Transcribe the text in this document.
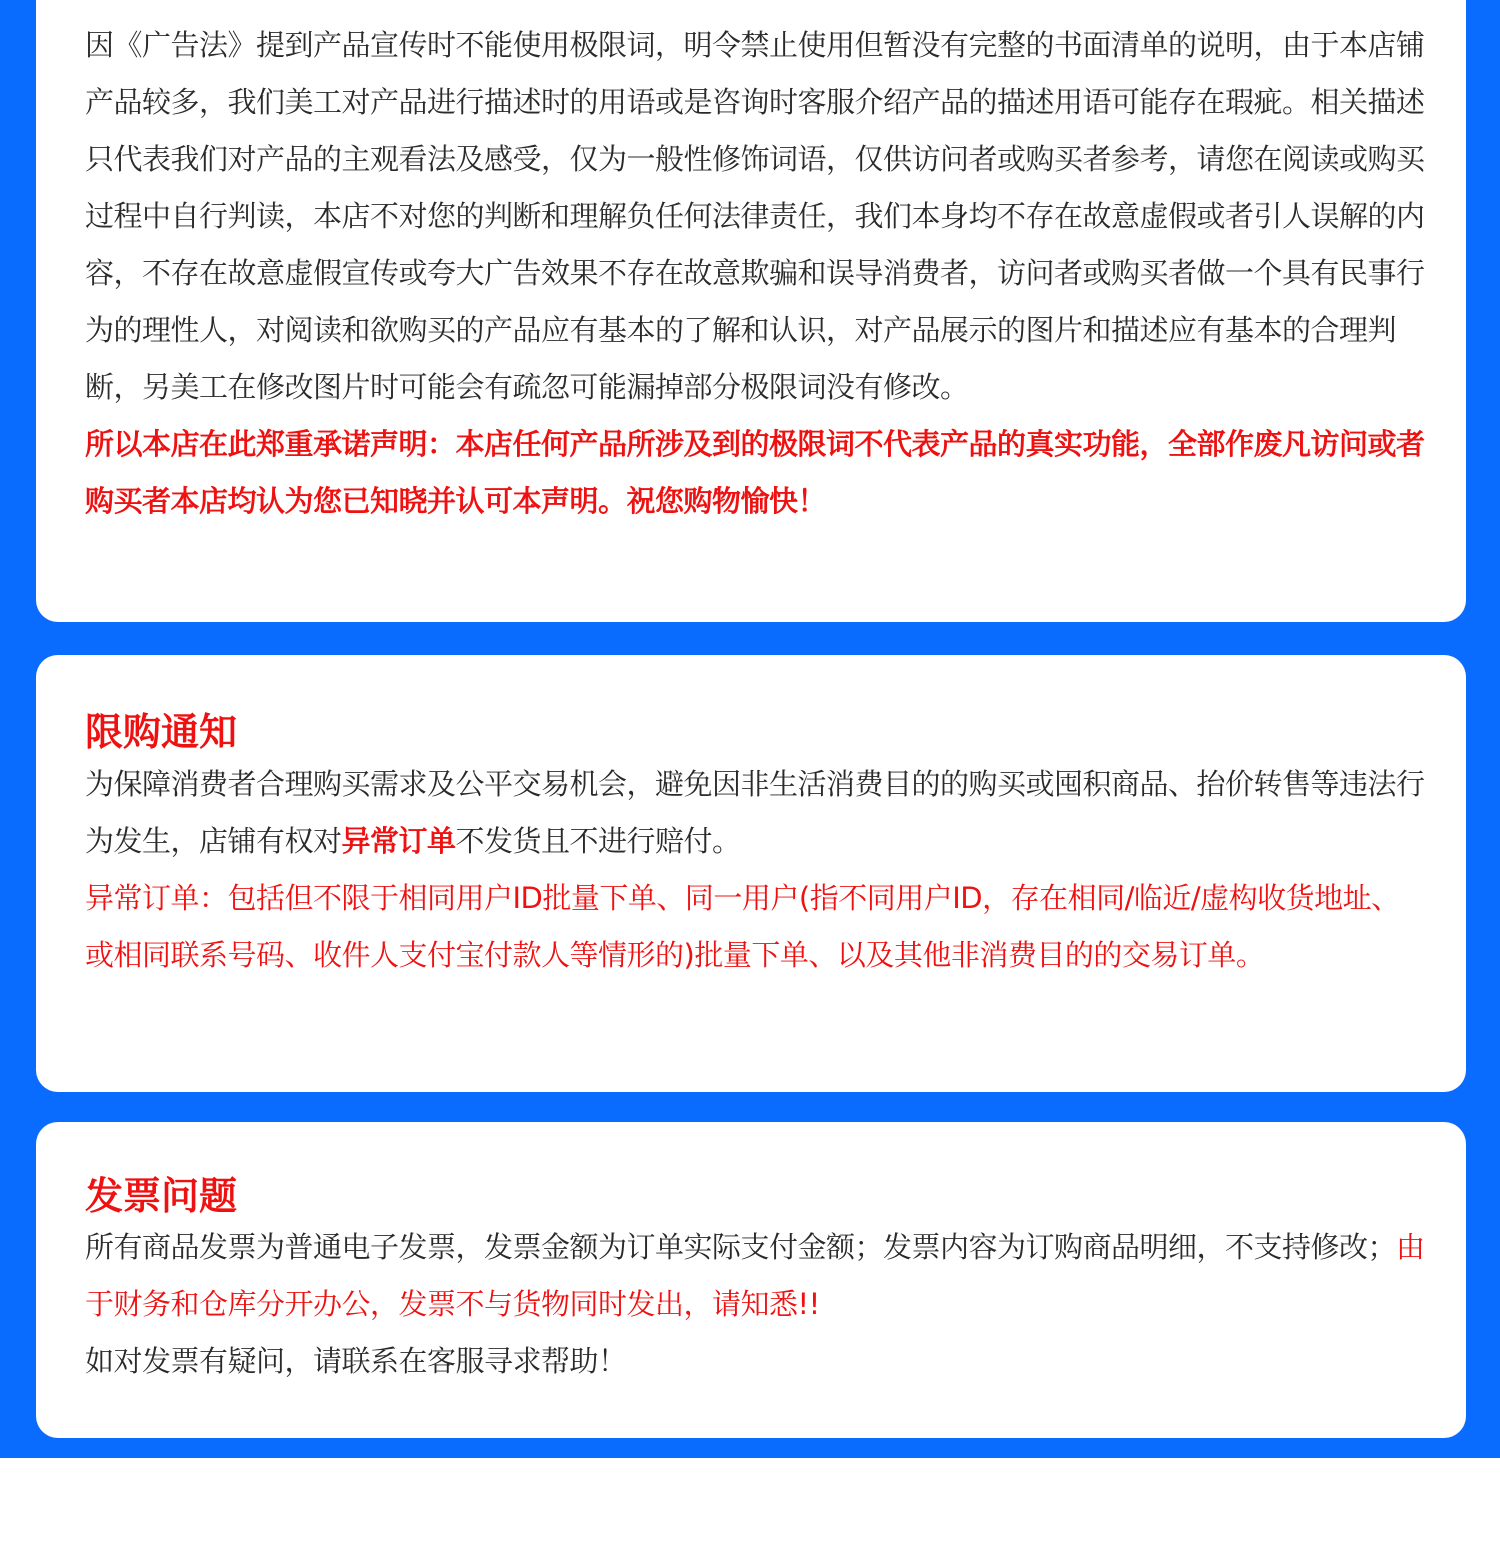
因《广告法》提到产品宣传时不能使用极限词，明令禁止使用但暂没有完整的书面清单的说明，由于本店铺产品较多，我们美工对产品进行描述时的用语或是咨询时客服介绍产品的描述用语可能存在瑕疵。相关描述只代表我们对产品的主观看法及感受，仅为一般性修饰词语，仅供访问者或购买者参考，请您在阅读或购买过程中自行判读，本店不对您的判断和理解负任何法律责任，我们本身均不存在故意虚假或者引人误解的内容，不存在故意虚假宣传或夸大广告效果不存在故意欺骗和误导消费者，访问者或购买者做一个具有民事行为的理性人，对阅读和欲购买的产品应有基本的了解和认识，对产品展示的图片和描述应有基本的合理判断，另美工在修改图片时可能会有疏忽可能漏掉部分极限词没有修改。

所以本店在此郑重承诺声明：本店任何产品所涉及到的极限词不代表产品的真实功能，全部作废凡访问或者购买者本店均认为您已知晓并认可本声明。祝您购物愉快！

限购通知

为保障消费者合理购买需求及公平交易机会，避免因非生活消费目的的购买或囤积商品、抬价转售等违法行为发生，店铺有权对异常订单不发货且不进行赔付。

异常订单：包括但不限于相同用户ID批量下单、同一用户(指不同用户ID，存在相同/临近/虚构收货地址、或相同联系号码、收件人支付宝付款人等情形的)批量下单、以及其他非消费目的的交易订单。

发票问题

所有商品发票为普通电子发票，发票金额为订单实际支付金额；发票内容为订购商品明细，不支持修改；由于财务和仓库分开办公，发票不与货物同时发出，请知悉!!

如对发票有疑问，请联系在客服寻求帮助！
